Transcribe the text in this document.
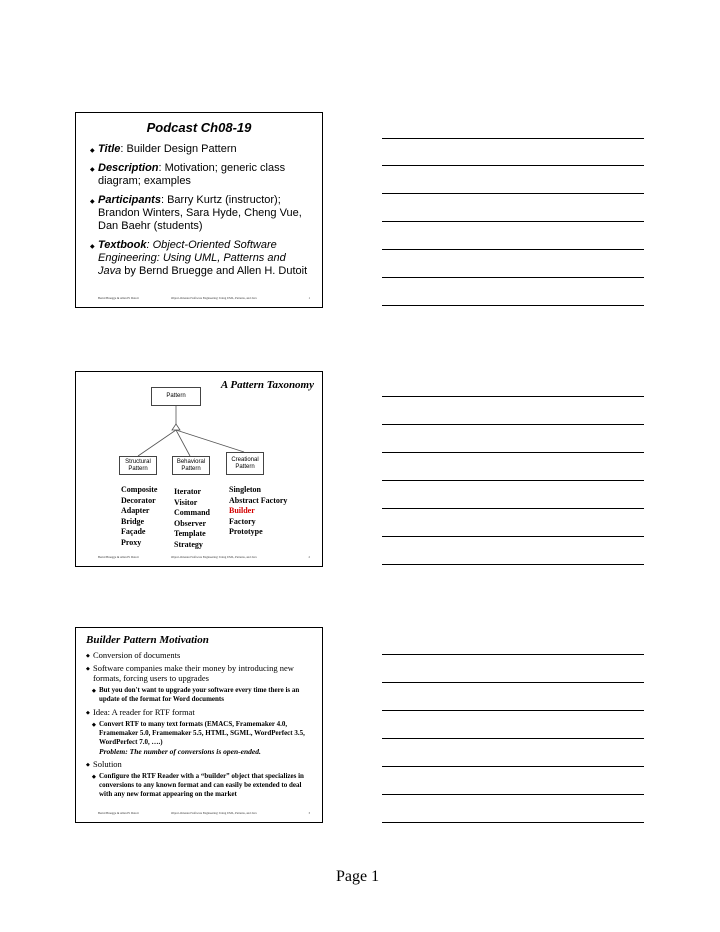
Podcast Ch08-19
◆ Title: Builder Design Pattern
◆ Description: Motivation; generic class diagram; examples
◆ Participants: Barry Kurtz (instructor); Brandon Winters, Sara Hyde, Cheng Vue, Dan Baehr (students)
◆ Textbook: Object-Oriented Software Engineering: Using UML, Patterns and Java by Bernd Bruegge and Allen H. Dutoit
Bernd Bruegge & Allen H. Dutoit	Object-Oriented Software Engineering: Using UML, Patterns, and Java	1
A Pattern Taxonomy
Pattern
Structural Pattern
Behavioral Pattern
Creational Pattern
Composite
Decorator
Adapter
Bridge
Façade
Proxy
Iterator
Visitor
Command
Observer
Template
Strategy
Singleton
Abstract Factory
Builder
Factory
Prototype
Bernd Bruegge & Allen H. Dutoit	Object-Oriented Software Engineering: Using UML, Patterns, and Java	2
Builder Pattern Motivation
◆ Conversion of documents
◆ Software companies make their money by introducing new formats, forcing users to upgrades
◆ But you don't want to upgrade your software every time there is an update of the format for Word documents
◆ Idea: A reader for RTF format
◆ Convert RTF to many text formats (EMACS, Framemaker 4.0, Framemaker 5.0, Framemaker 5.5, HTML, SGML, WordPerfect 3.5, WordPerfect 7.0, ….)
Problem: The number of conversions is open-ended.
◆ Solution
◆ Configure the RTF Reader with a “builder” object that specializes in conversions to any known format and can easily be extended to deal with any new format appearing on the market
Bernd Bruegge & Allen H. Dutoit	Object-Oriented Software Engineering: Using UML, Patterns, and Java	3
Page 1
